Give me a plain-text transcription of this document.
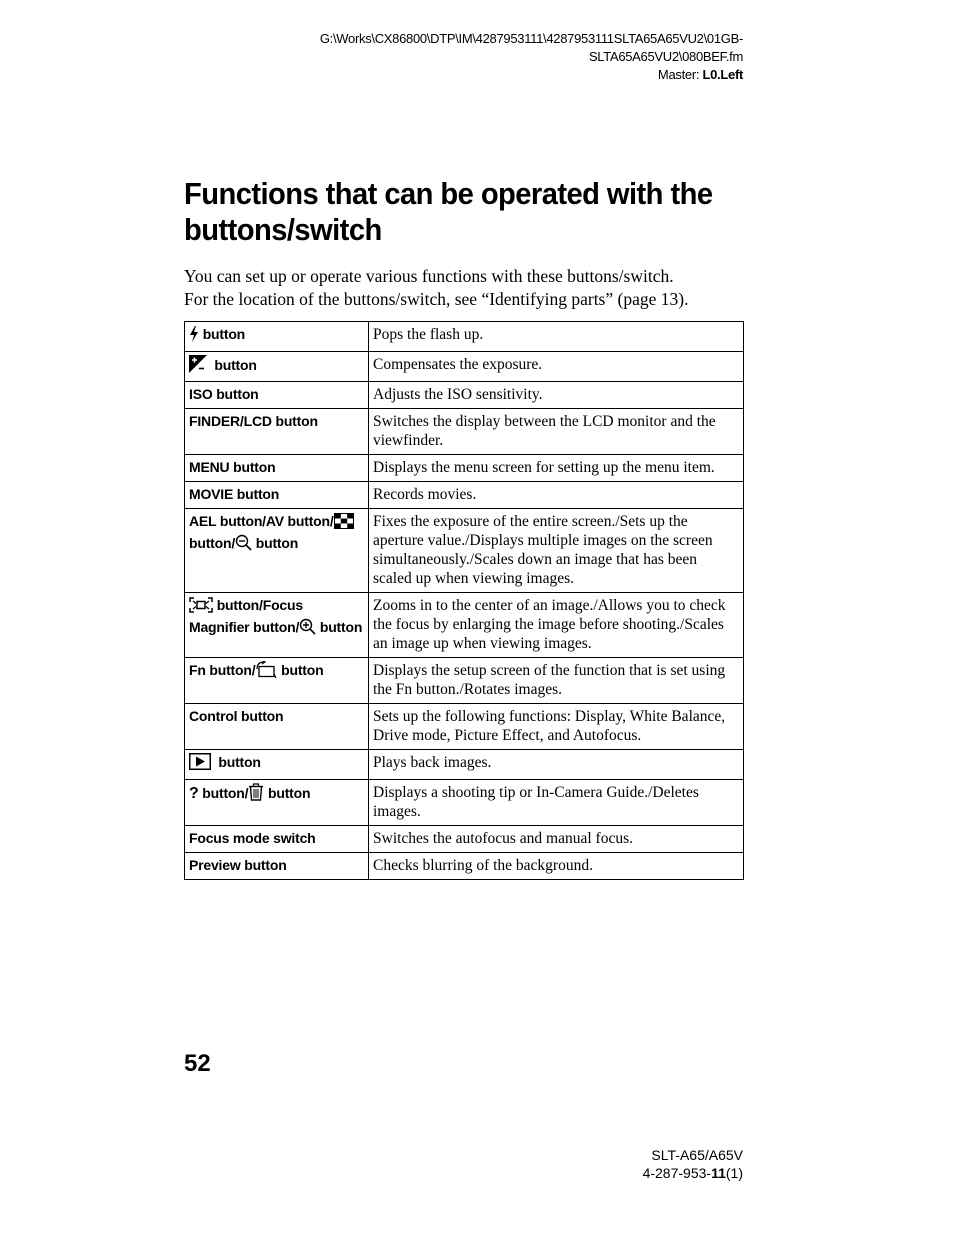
G:\Works\CX86800\DTP\IM\4287953111\4287953111SLTA65A65VU2\01GB-
SLTA65A65VU2\080BEF.fm
Master: L0.Left
Functions that can be operated with the buttons/switch

You can set up or operate various functions with these buttons/switch.

For the location of the buttons/switch, see “Identifying parts” (page 13).

button	Pops the flash up.
button	Compensates the exposure.
ISO button	Adjusts the ISO sensitivity.
FINDER/LCD button	Switches the display between the LCD monitor and the viewfinder.
MENU button	Displays the menu screen for setting up the menu item.
MOVIE button	Records movies.
AEL button/AV button/
button/ button	Fixes the exposure of the entire screen./Sets up the aperture value./Displays multiple images on the screen simultaneously./Scales down an image that has been scaled up when viewing images.
button/Focus Magnifier button/ button	Zooms in to the center of an image./Allows you to check the focus by enlarging the image before shooting./Scales an image up when viewing images.
Fn button/ button	Displays the setup screen of the function that is set using the Fn button./Rotates images.
Control button	Sets up the following functions: Display, White Balance, Drive mode, Picture Effect, and Autofocus.
button	Plays back images.
? button/ button	Displays a shooting tip or In-Camera Guide./Deletes images.
Focus mode switch	Switches the autofocus and manual focus.
Preview button	Checks blurring of the background.
52
SLT-A65/A65V
4-287-953-11(1)
